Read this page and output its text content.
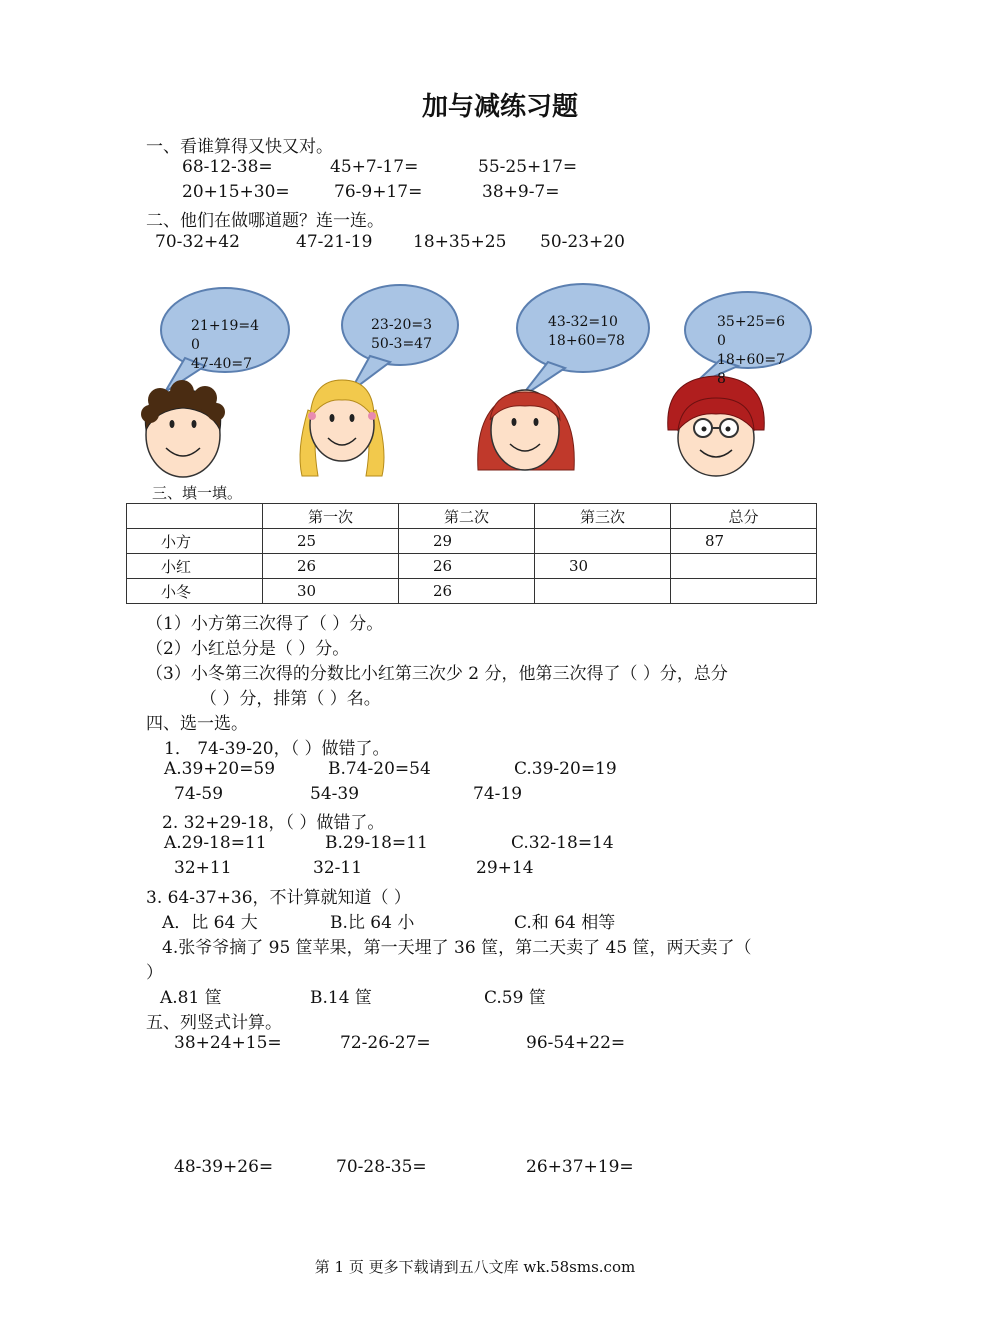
加与减练习题
一、看谁算得又快又对。
68-12-38=	45+7-17=	55-25+17=
20+15+30=	76-9+17=	38+9-7=
二、他们在做哪道题？连一连。
70-32+42	47-21-19 18+35+25 50-23+20
21+19=4
0
47-40=7
23-20=3
50-3=47
43-32=10
18+60=78
35+25=6
0
18+60=7
三、填一填。
	第一次	第二次	第三次	总分
小方	25	29		87
小红	26	26	30	
小冬	30	26		
（1）小方第三次得了（ ）分。
（2）小红总分是（ ）分。
（3）小冬第三次得的分数比小红第三次少 2 分，他第三次得了（ ）分，总分
（ ）分，排第（ ）名。
四、选一选。
1． 74-39-20，（ ）做错了。
A.39+20=59	B.74-20=54	C.39-20=19
74-59	54-39	74-19
2. 32+29-18，（ ）做错了。
A.29-18=11	B.29-18=11	C.32-18=14
32+11	32-11	29+14
3. 64-37+36，不计算就知道（ ）
A．比 64 大	B.比 64 小	C.和 64 相等
4.张爷爷摘了 95 筐苹果，第一天埋了 36 筐，第二天卖了 45 筐，两天卖了（
）
A.81 筐	B.14 筐	C.59 筐
五、列竖式计算。
38+24+15=	72-26-27=	96-54+22=
48-39+26=	70-28-35=	26+37+19=
第 1 页 更多下载请到五八文库 wk.58sms.com
